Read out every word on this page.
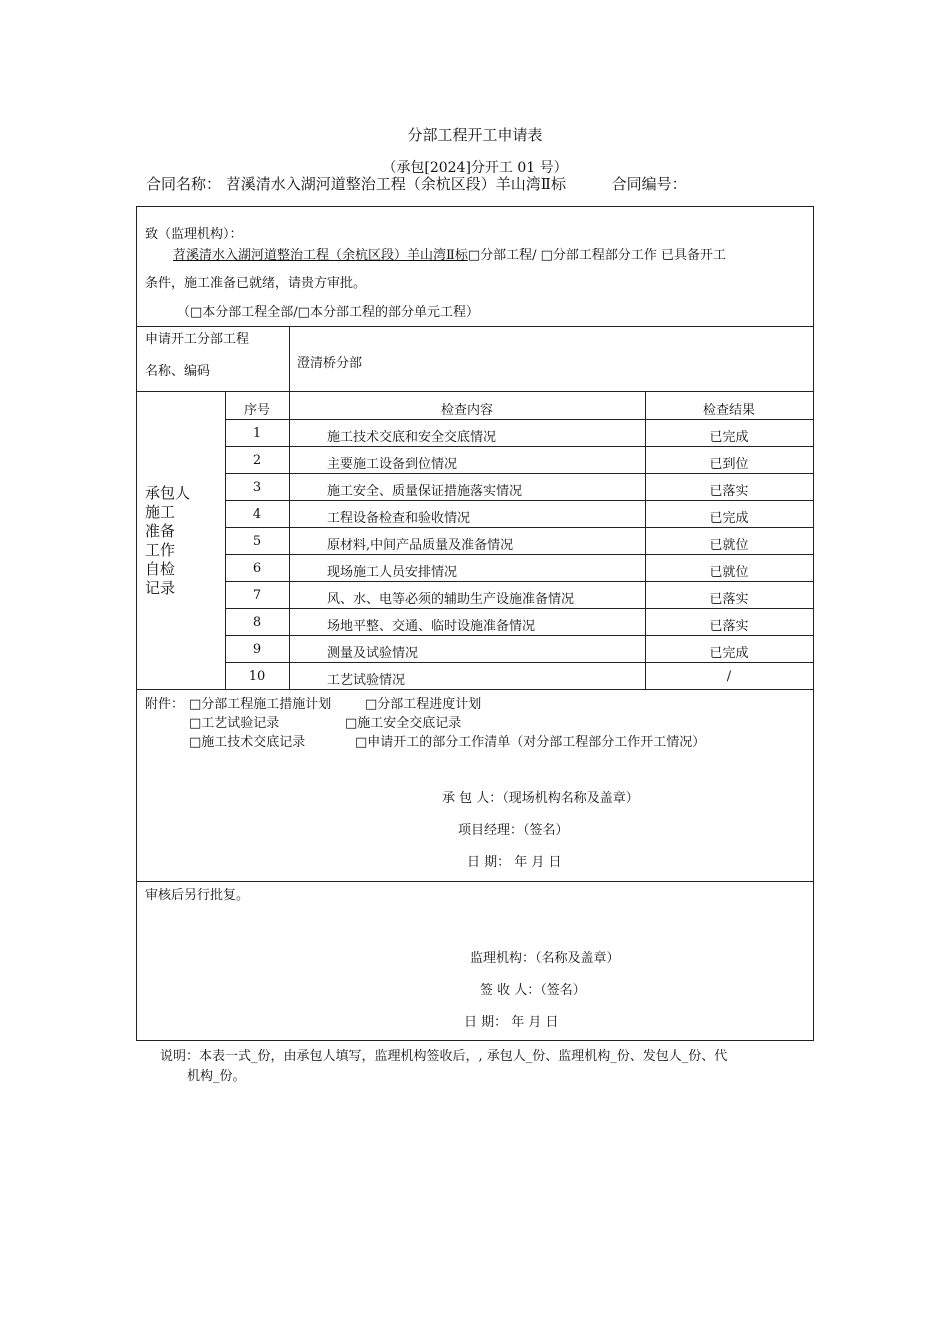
分部工程开工申请表
（承包[2024]分开工 01 号）
合同名称： 苕溪清水入湖河道整治工程（余杭区段）羊山湾Ⅱ标	合同编号：
致（监理机构）：
苕溪清水入湖河道整治工程（余杭区段）羊山湾Ⅱ标□分部工程/ □分部工程部分工作 已具备开工
条件，施工准备已就绪，请贵方审批。
（□本分部工程全部/□本分部工程的部分单元工程）
申请开工分部工程
名称、编码
澄清桥分部
承包人
施工
准备
工作
自检
记录
序号	检查内容	检查结果
1	施工技术交底和安全交底情况	已完成
2	主要施工设备到位情况	已到位
3	施工安全、质量保证措施落实情况	已落实
4	工程设备检查和验收情况	已完成
5	原材料,中间产品质量及准备情况	已就位
6	现场施工人员安排情况	已就位
7	风、水、电等必须的辅助生产设施准备情况	已落实
8	场地平整、交通、临时设施准备情况	已落实
9	测量及试验情况	已完成
10	工艺试验情况	/
附件： □分部工程施工措施计划	□分部工程进度计划
□工艺试验记录	□施工安全交底记录
□施工技术交底记录	□申请开工的部分工作清单（对分部工程部分工作开工情况）
承 包 人：（现场机构名称及盖章）
项目经理：（签名）
日 期： 年 月 日
审核后另行批复。
监理机构：（名称及盖章）
签 收 人：（签名）
日 期： 年 月 日
说明：本表一式_份，由承包人填写，监理机构签收后，, 承包人_份、监理机构_份、发包人_份、代
机构_份。
